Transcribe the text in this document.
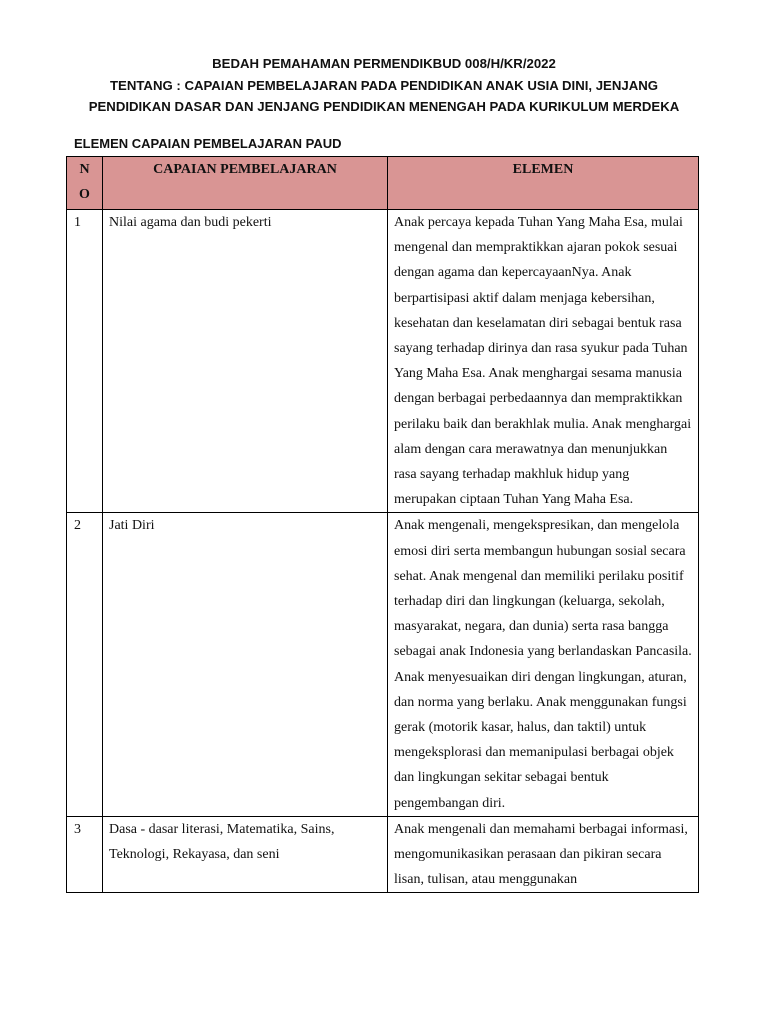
BEDAH PEMAHAMAN PERMENDIKBUD 008/H/KR/2022
TENTANG : CAPAIAN PEMBELAJARAN PADA PENDIDIKAN ANAK USIA DINI, JENJANG
PENDIDIKAN DASAR DAN JENJANG PENDIDIKAN MENENGAH PADA KURIKULUM MERDEKA
ELEMEN CAPAIAN PEMBELAJARAN PAUD
N
O	CAPAIAN PEMBELAJARAN	ELEMEN
1	Nilai agama dan budi pekerti	Anak percaya kepada Tuhan Yang Maha Esa, mulai mengenal dan mempraktikkan ajaran pokok sesuai dengan agama dan kepercayaanNya. Anak berpartisipasi aktif dalam menjaga kebersihan, kesehatan dan keselamatan diri sebagai bentuk rasa sayang terhadap dirinya dan rasa syukur pada Tuhan Yang Maha Esa. Anak menghargai sesama manusia dengan berbagai perbedaannya dan mempraktikkan perilaku baik dan berakhlak mulia. Anak menghargai alam dengan cara merawatnya dan menunjukkan rasa sayang terhadap makhluk hidup yang merupakan ciptaan Tuhan Yang Maha Esa.
2	Jati Diri	Anak mengenali, mengekspresikan, dan mengelola emosi diri serta membangun hubungan sosial secara sehat. Anak mengenal dan memiliki perilaku positif terhadap diri dan lingkungan (keluarga, sekolah, masyarakat, negara, dan dunia) serta rasa bangga sebagai anak Indonesia yang berlandaskan Pancasila. Anak menyesuaikan diri dengan lingkungan, aturan, dan norma yang berlaku. Anak menggunakan fungsi gerak (motorik kasar, halus, dan taktil) untuk mengeksplorasi dan memanipulasi berbagai objek dan lingkungan sekitar sebagai bentuk pengembangan diri.
3	Dasa - dasar literasi, Matematika, Sains, Teknologi, Rekayasa, dan seni	Anak mengenali dan memahami berbagai informasi, mengomunikasikan perasaan dan pikiran secara lisan, tulisan, atau menggunakan
